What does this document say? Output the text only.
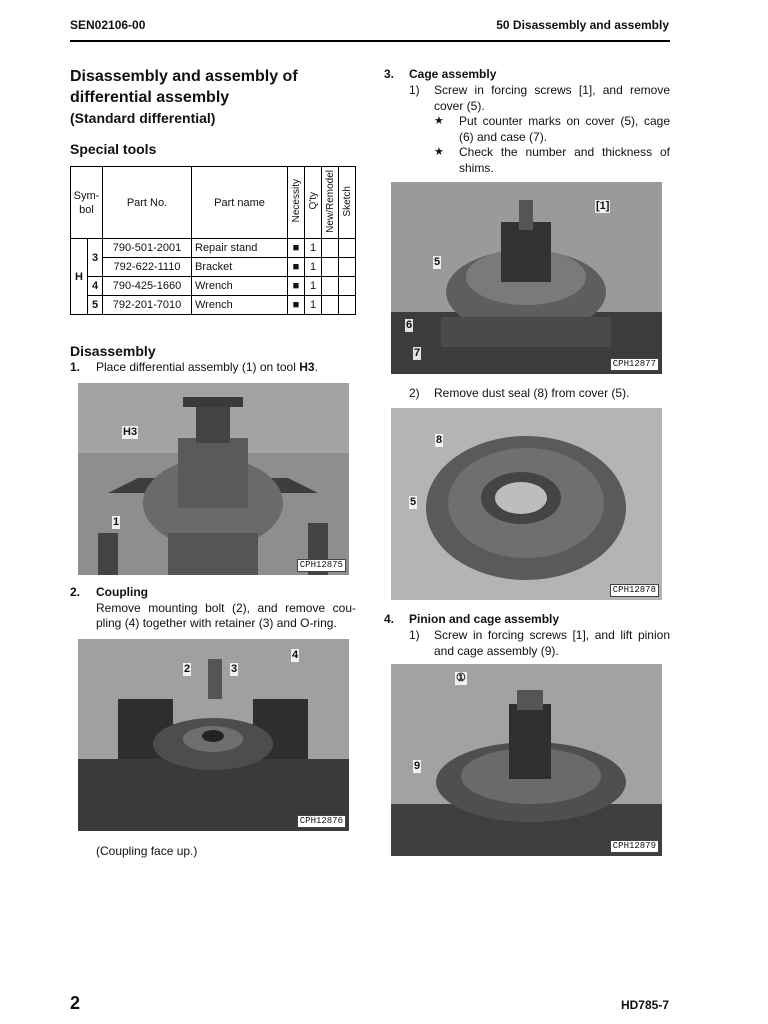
SEN02106-00	50 Disassembly and assembly
Disassembly and assembly of differential assembly
(Standard differential)
Special tools
Sym-
bol		Part No.	Part name	Necessity	Q'ty	New/Remodel	Sketch
H	3	790-501-2001	Repair stand	■	1		
		792-622-1110	Bracket	■	1		
	4	790-425-1660	Wrench	■	1		
	5	792-201-7010	Wrench	■	1		
Disassembly
1. Place differential assembly (1) on tool H3.
H3
1
CPH12875
2. Coupling
Remove mounting bolt (2), and remove cou-pling (4) together with retainer (3) and O-ring.
2	3
4
CPH12876
(Coupling face up.)
3. Cage assembly
1) Screw in forcing screws [1], and remove cover (5).
★ Put counter marks on cover (5), cage (6) and case (7).
★ Check the number and thickness of shims.
[1]
5
6
7
CPH12877
2) Remove dust seal (8) from cover (5).
8
5
CPH12878
4. Pinion and cage assembly
1) Screw in forcing screws [1], and lift pinion and cage assembly (9).
①
9
CPH12879
2	HD785-7
